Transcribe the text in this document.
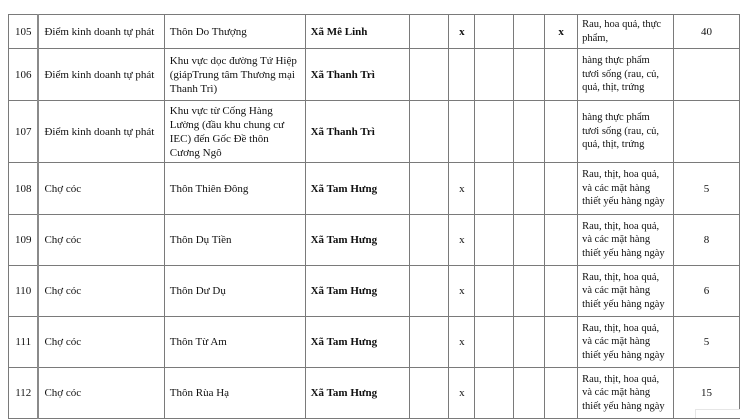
105	Điểm kinh doanh tự phát	Thôn Do Thượng	Xã Mê Linh		x			x	Rau, hoa quả, thực phẩm,	40
106	Điểm kinh doanh tự phát	Khu vực dọc đường Tứ Hiệp (giápTrung tâm Thương mại Thanh Trì)	Xã Thanh Trì						hàng thực phẩm tươi sống (rau, củ, quả, thịt, trứng	
107	Điểm kinh doanh tự phát	Khu vực từ Cống Hàng Lường (đầu khu chung cư IEC) đến Gốc Đề thôn Cương Ngô	Xã Thanh Trì						hàng thực phẩm tươi sống (rau, củ, quả, thịt, trứng	
108	Chợ cóc	Thôn Thiên Đông	Xã Tam Hưng		x				Rau, thịt, hoa quả, và các mặt hàng thiết yếu hàng ngày	5
109	Chợ cóc	Thôn Dụ Tiền	Xã Tam Hưng		x				Rau, thịt, hoa quả, và các mặt hàng thiết yếu hàng ngày	8
110	Chợ cóc	Thôn Dư Dụ	Xã Tam Hưng		x				Rau, thịt, hoa quả, và các mặt hàng thiết yếu hàng ngày	6
111	Chợ cóc	Thôn Từ Am	Xã Tam Hưng		x				Rau, thịt, hoa quả, và các mặt hàng thiết yếu hàng ngày	5
112	Chợ cóc	Thôn Rùa Hạ	Xã Tam Hưng		x				Rau, thịt, hoa quả, và các mặt hàng thiết yếu hàng ngày	15
